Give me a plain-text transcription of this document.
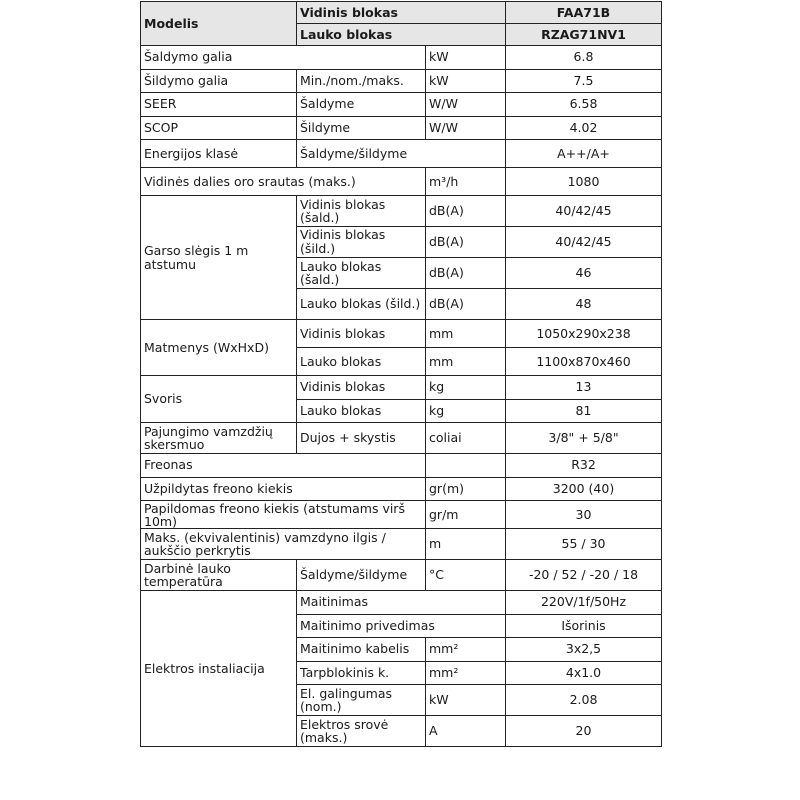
Modelis	Vidinis blokas		FAA71B
	Lauko blokas		RZAG71NV1
Šaldymo galia		kW	6.8
Šildymo galia	Min./nom./maks.	kW	7.5
SEER	Šaldyme	W/W	6.58
SCOP	Šildyme	W/W	4.02
Energijos klasė	Šaldyme/šildyme		A++/A+
Vidinės dalies oro srautas (maks.)		m³/h	1080
Garso slėgis 1 m atstumu	Vidinis blokas (šald.)	dB(A)	40/42/45
	Vidinis blokas (šild.)	dB(A)	40/42/45
	Lauko blokas (šald.)	dB(A)	46
	Lauko blokas (šild.)	dB(A)	48
Matmenys (WxHxD)	Vidinis blokas	mm	1050x290x238
	Lauko blokas	mm	1100x870x460
Svoris	Vidinis blokas	kg	13
	Lauko blokas	kg	81
Pajungimo vamzdžių skersmuo	Dujos + skystis	coliai	3/8" + 5/8"
Freonas			R32
Užpildytas freono kiekis		gr(m)	3200 (40)
Papildomas freono kiekis (atstumams virš 10m)		gr/m	30
Maks. (ekvivalentinis) vamzdyno ilgis / aukščio perkrytis		m	55 / 30
Darbinė lauko temperatūra	Šaldyme/šildyme	°C	-20 / 52 / -20 / 18
Elektros instaliacija	Maitinimas		220V/1f/50Hz
	Maitinimo privedimas		Išorinis
	Maitinimo kabelis	mm²	3x2,5
	Tarpblokinis k.	mm²	4x1.0
	El. galingumas (nom.)	kW	2.08
	Elektros srovė (maks.)	A	20
